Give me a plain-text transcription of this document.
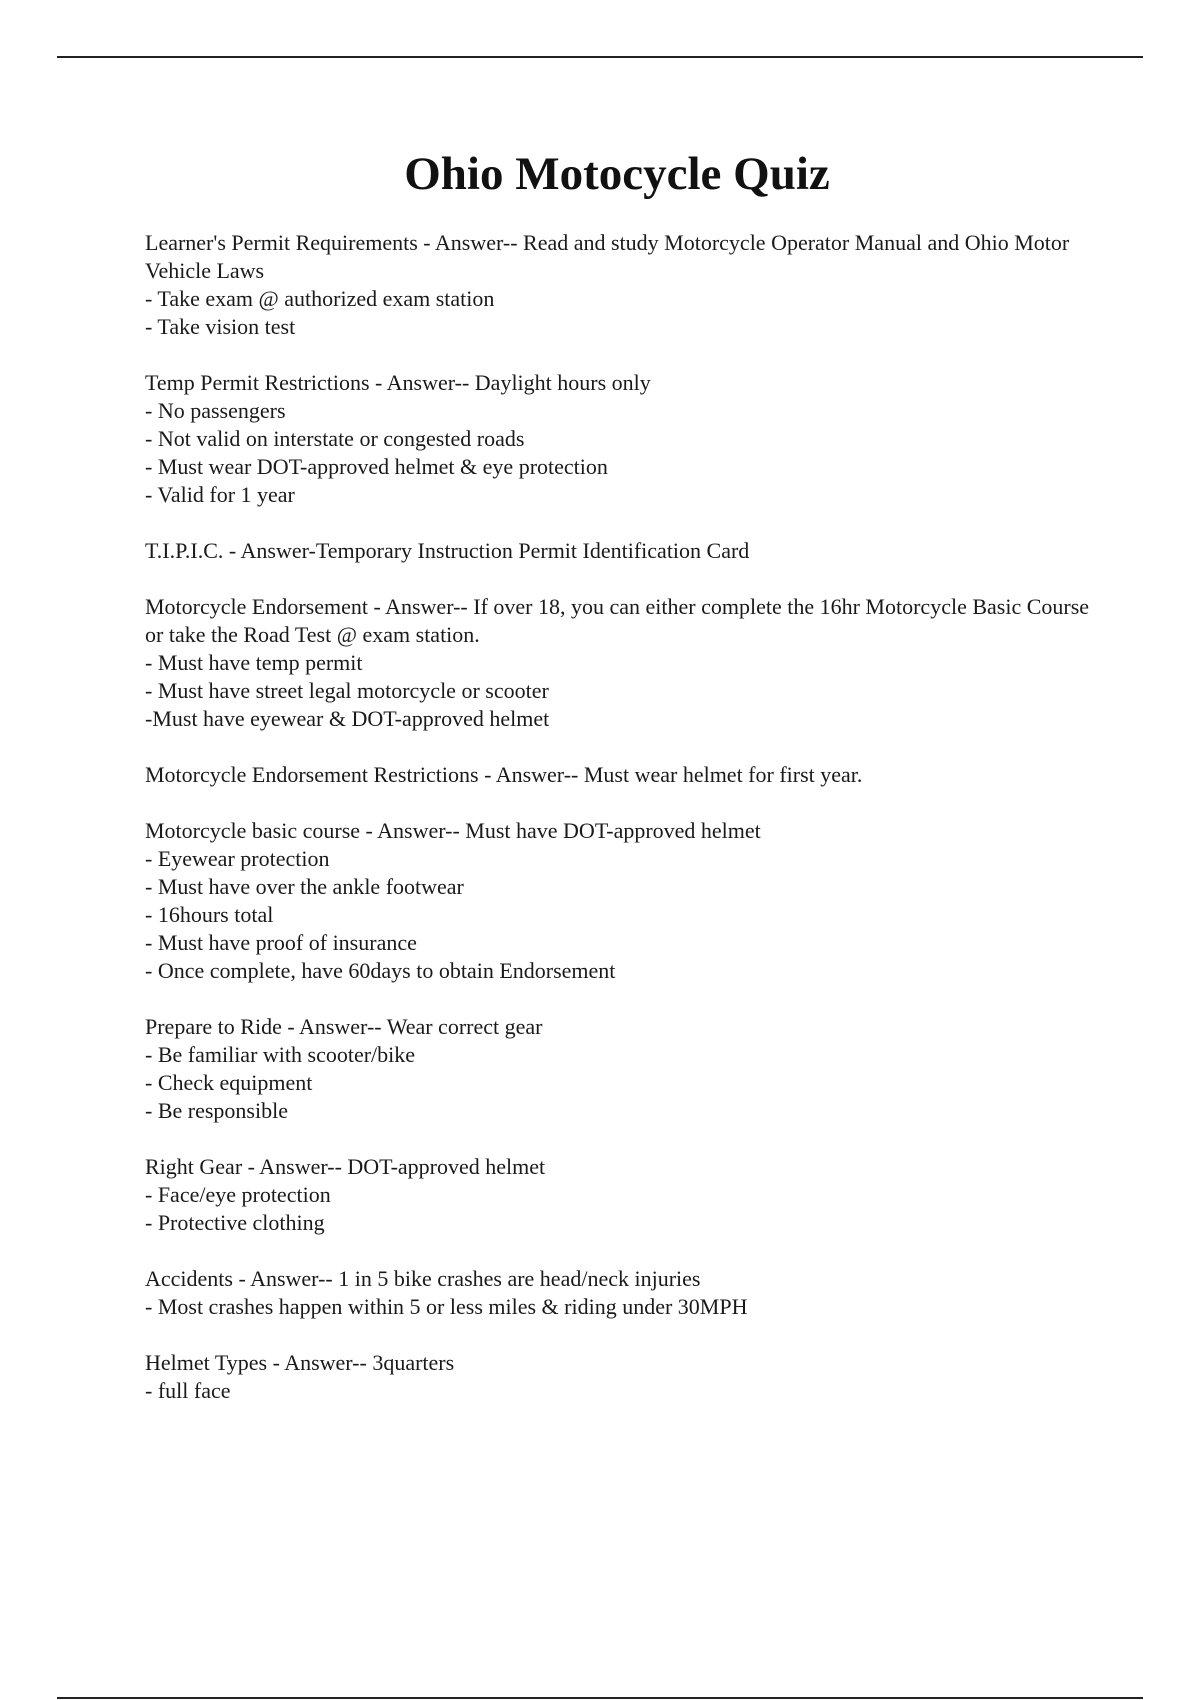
Ohio Motocycle Quiz

Learner's Permit Requirements - Answer-- Read and study Motorcycle Operator Manual and Ohio Motor Vehicle Laws

- Take exam @ authorized exam station

- Take vision test

Temp Permit Restrictions - Answer-- Daylight hours only

- No passengers

- Not valid on interstate or congested roads

- Must wear DOT-approved helmet & eye protection

- Valid for 1 year

T.I.P.I.C. - Answer-Temporary Instruction Permit Identification Card

Motorcycle Endorsement - Answer-- If over 18, you can either complete the 16hr Motorcycle Basic Course or take the Road Test @ exam station.

- Must have temp permit

- Must have street legal motorcycle or scooter

-Must have eyewear & DOT-approved helmet

Motorcycle Endorsement Restrictions - Answer-- Must wear helmet for first year.

Motorcycle basic course - Answer-- Must have DOT-approved helmet

- Eyewear protection

- Must have over the ankle footwear

- 16hours total

- Must have proof of insurance

- Once complete, have 60days to obtain Endorsement

Prepare to Ride - Answer-- Wear correct gear

- Be familiar with scooter/bike

- Check equipment

- Be responsible

Right Gear - Answer-- DOT-approved helmet

- Face/eye protection

- Protective clothing

Accidents - Answer-- 1 in 5 bike crashes are head/neck injuries

- Most crashes happen within 5 or less miles & riding under 30MPH

Helmet Types - Answer-- 3quarters

- full face
